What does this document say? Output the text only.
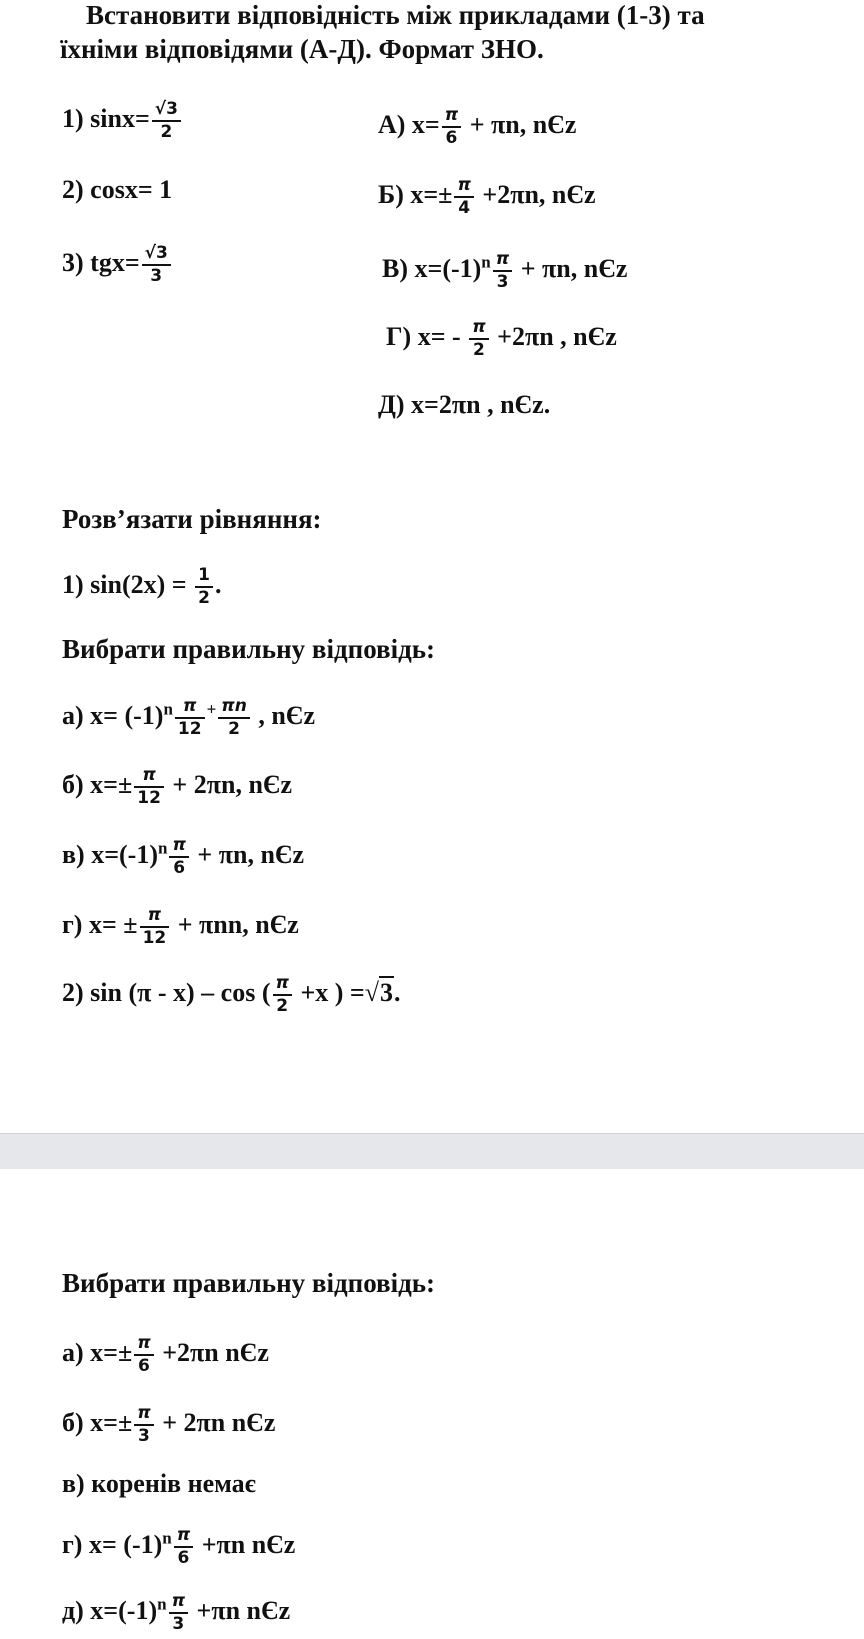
Встановити відповідність між прикладами (1-3) та
їхніми відповідями (А-Д). Формат ЗНО.
1) $\sin x= \frac{√3}{2}$
2) cosx= 1
3) $tgx= \frac{√3}{3}$
А) $x= \frac{\pi}{6} + \pi n$, nЄz
Б) $x=\pm \frac{\pi}{4} +2\pi n$, nЄz
В) $x=(-1)^n \frac{\pi}{3} + \pi n$, nЄz
Г) $x= - \frac{\pi}{2} +2\pi n$ , nЄz
Д) x=2πn , nЄz.
Розв’язати рівняння:
1) $\sin(2x) = \frac{1}{2}$ .
Вибрати правильну відповідь:
а) $x= (-1)^n \frac{\pi}{12} ^+ \frac{\pi n}{2}$ , nЄz
б) $x=\pm \frac{\pi}{12} + 2\pi n$, nЄz
в) $x=(-1)^n \frac{\pi}{6} + \pi n$, nЄz
г) $x= \pm \frac{\pi}{12} + \pi nn$, nЄz
2) sin (π - x) – cos ( $\frac{\pi}{2} +x$ ) =√3.
Вибрати правильну відповідь:
а) $x=\pm \frac{\pi}{6} +2\pi n$ nЄz
б) $x=\pm \frac{\pi}{3} + 2\pi n$ nЄz
в) коренів немає
г) $x= (-1)^n \frac{\pi}{6} +\pi n$ nЄz
д) $x=(-1)^n \frac{\pi}{3} +\pi n$ nЄz
